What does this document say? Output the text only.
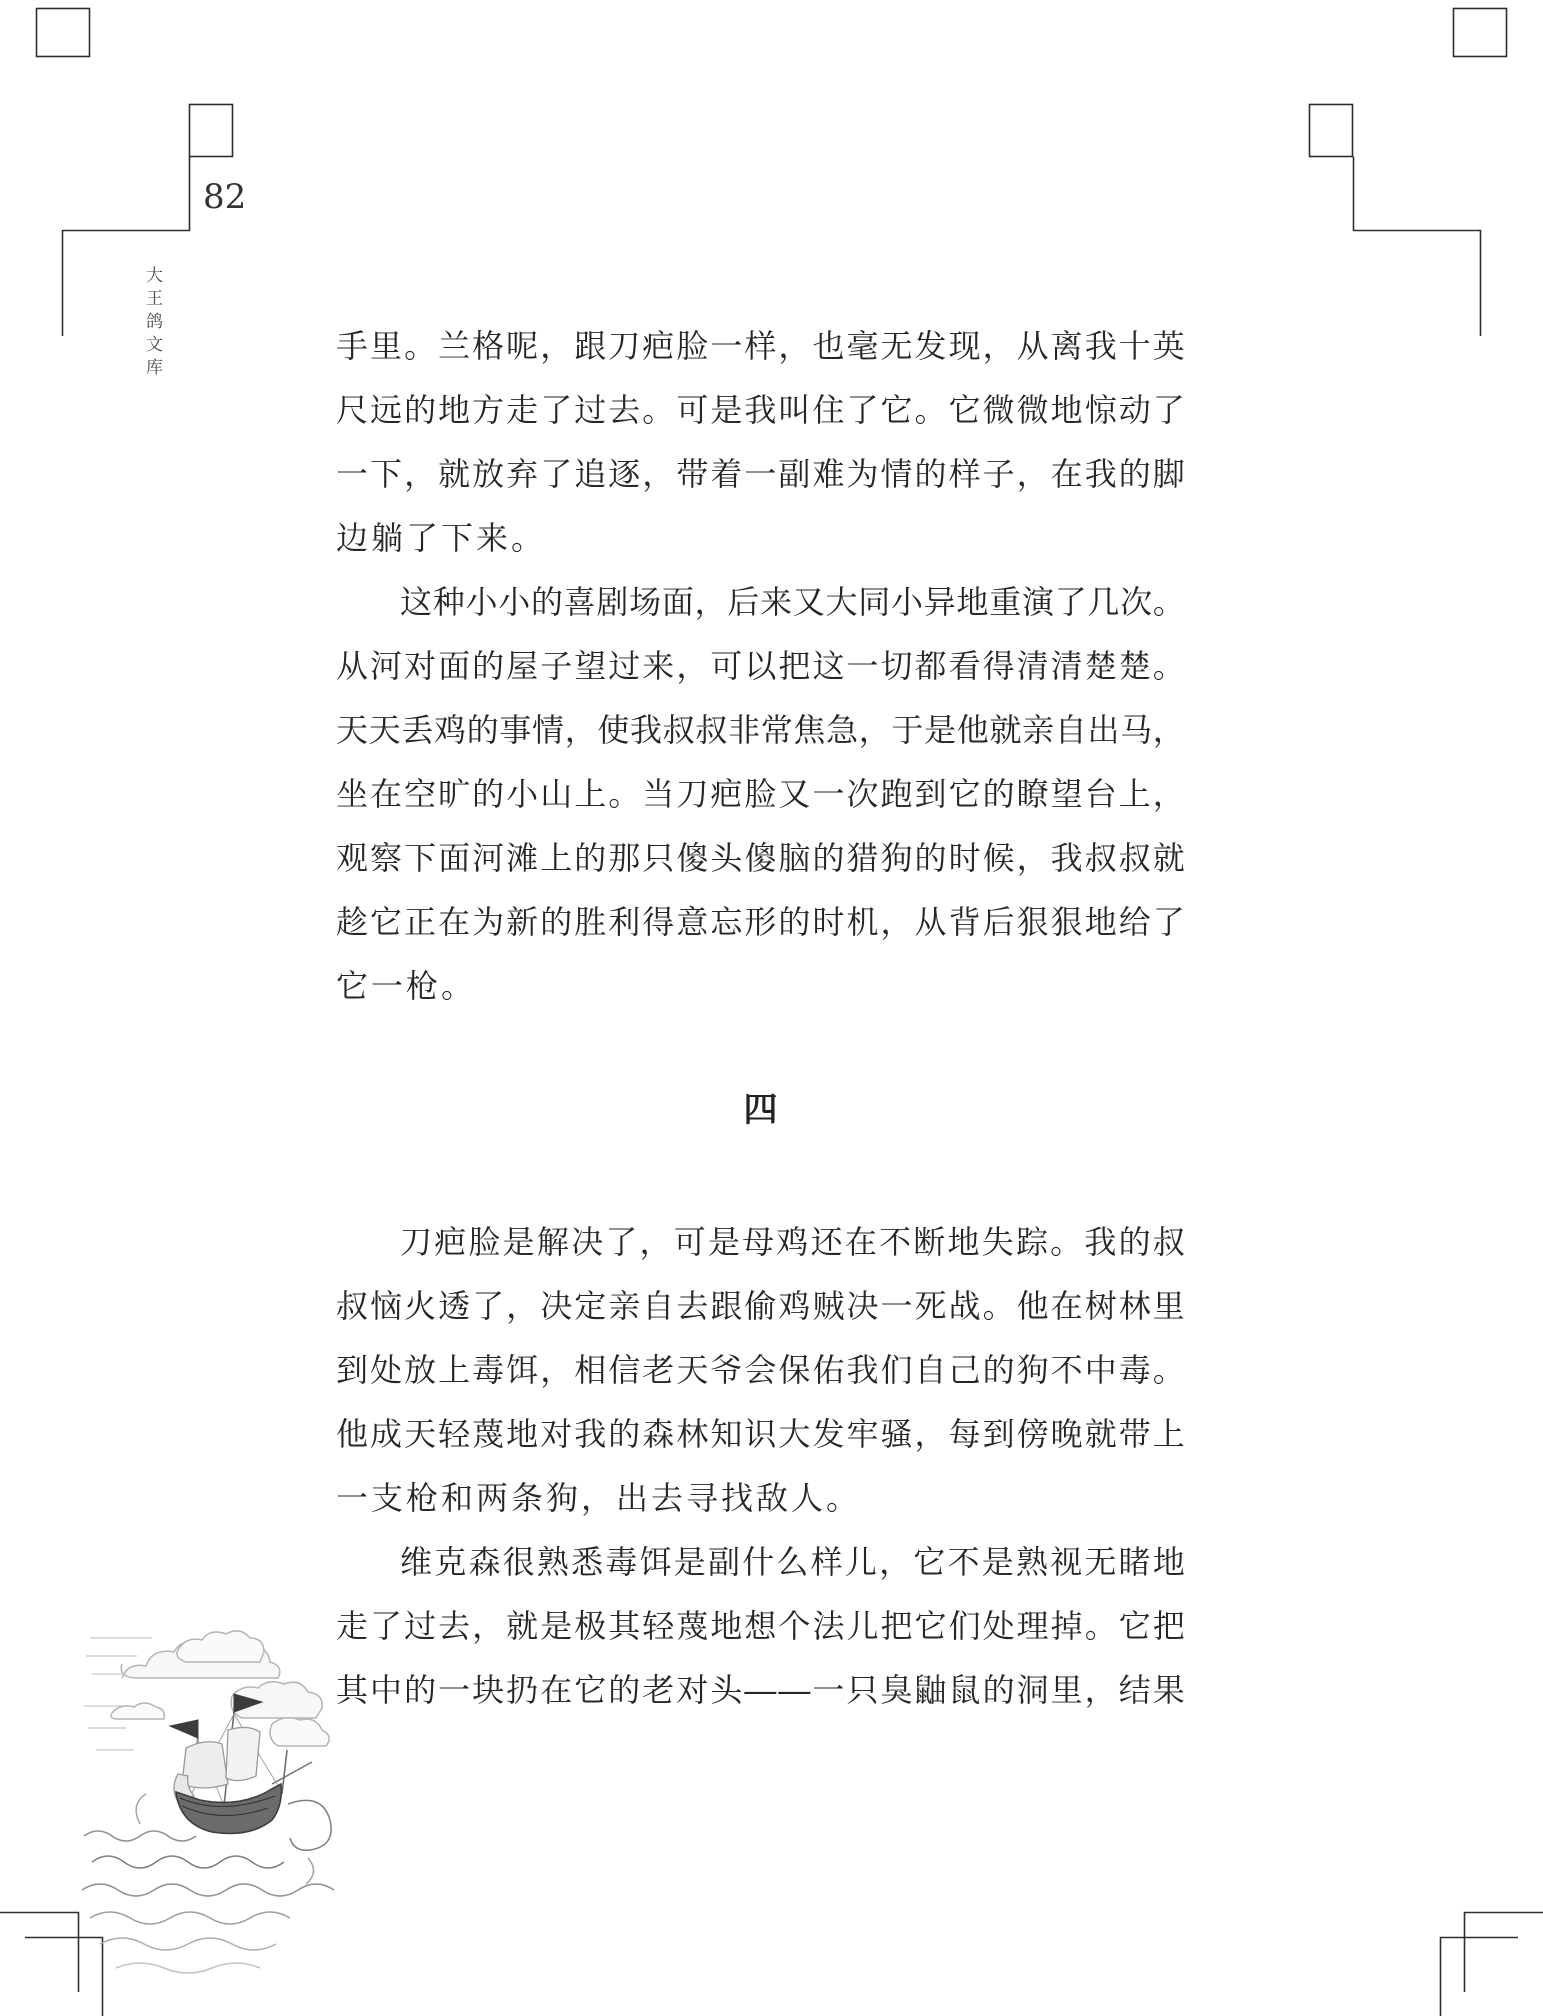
82
大王鸽文库	手 里 。 兰 格 呢 ， 跟 刀 疤 脸 一 样 ， 也 毫 无 发 现 ， 从 离 我 十 英
尺 远 的 地 方 走 了 过 去 。 可 是 我 叫 住 了 它 。 它 微 微 地 惊 动 了
一 下 ， 就 放 弃 了 追 逐 ， 带 着 一 副 难 为 情 的 样 子 ， 在 我 的 脚
边躺了下来。
这 种 小 小 的 喜 剧 场 面 ， 后 来 又 大 同 小 异 地 重 演 了 几 次 。
从 河 对 面 的 屋 子 望 过 来 ， 可 以 把 这 一 切 都 看 得 清 清 楚 楚 。
天 天 丢 鸡 的 事 情 ， 使 我 叔 叔 非 常 焦 急 ， 于 是 他 就 亲 自 出 马 ，
坐 在 空 旷 的 小 山 上 。 当 刀 疤 脸 又 一 次 跑 到 它 的 瞭 望 台 上 ，
观 察 下 面 河 滩 上 的 那 只 傻 头 傻 脑 的 猎 狗 的 时 候 ， 我 叔 叔 就
趁 它 正 在 为 新 的 胜 利 得 意 忘 形 的 时 机 ， 从 背 后 狠 狠 地 给 了
它一枪。
四
刀 疤 脸 是 解 决 了 ， 可 是 母 鸡 还 在 不 断 地 失 踪 。 我 的 叔
叔 恼 火 透 了 ， 决 定 亲 自 去 跟 偷 鸡 贼 决 一 死 战 。 他 在 树 林 里
到 处 放 上 毒 饵 ， 相 信 老 天 爷 会 保 佑 我 们 自 己 的 狗 不 中 毒 。
他 成 天 轻 蔑 地 对 我 的 森 林 知 识 大 发 牢 骚 ， 每 到 傍 晚 就 带 上
一支枪和两条狗，出去寻找敌人。
维 克 森 很 熟 悉 毒 饵 是 副 什 么 样 儿 ， 它 不 是 熟 视 无 睹 地
走 了 过 去 ， 就 是 极 其 轻 蔑 地 想 个 法 儿 把 它 们 处 理 掉 。 它 把
其 中 的 一 块 扔 在 它 的 老 对 头 — — 一 只 臭 鼬 鼠 的 洞 里 ， 结 果
